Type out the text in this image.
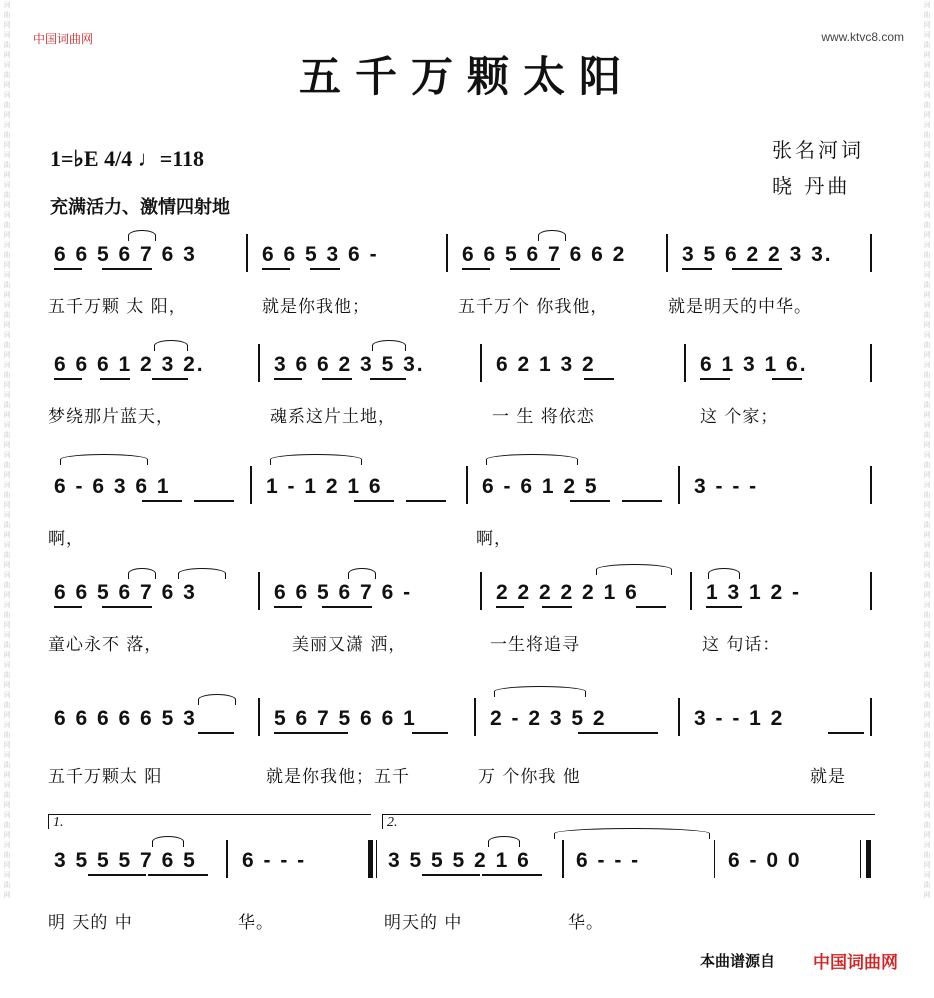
词曲网词曲网词曲网词曲网词曲网词曲网词曲网词曲网词曲网词曲网词曲网词曲网词曲网词曲网词曲网词曲网词曲网词曲网词曲网词曲网词曲网词曲网词曲网词曲网词曲网词曲网词曲网词曲网词曲网词曲网
词曲网词曲网词曲网词曲网词曲网词曲网词曲网词曲网词曲网词曲网词曲网词曲网词曲网词曲网词曲网词曲网词曲网词曲网词曲网词曲网词曲网词曲网词曲网词曲网词曲网词曲网词曲网词曲网词曲网词曲网
中国词曲网	www.ktvc8.com
五千万颗太阳
1=♭E 4/4 ♩=118
充满活力、激情四射地
张名河词
晓 丹曲
6 6 5 6 7 6 3	6 6 5 3 6 -	6 6 5 6 7 6 6 2	3 5 6 2 2 3 3.
五千万颗 太 阳，	就是你我他；	五千万个 你我他，	就是明天的中华。
6 6 6 1 2 3 2.	3 6 6 2 3 5 3.	6 2 1 3 2	6 1 3 1 6.
梦绕那片蓝天，	魂系这片土地，	一 生 将依恋	这 个家；
6 - 6 3 6 1	1 - 1 2 1 6	6 - 6 1 2 5	3 - - -
啊，	啊，
6 6 5 6 7 6 3	6 6 5 6 7 6 -	2 2 2 2 2 1 6	1 3 1 2 -
童心永不 落，	美丽又潇 洒，	一生将追寻	这 句话：
6 6 6 6 6 5 3	5 6 7 5 6 6 1	2 - 2 3 5 2	3 - - 1 2
五千万颗太 阳	就是你我他；五千	万 个你我 他	就是
1.	2.
3 5 5 5 7 6 5	6 - - -	3 5 5 5 2 1 6	6 - - -	6 - 0 0
明 天的 中	华。	明天的 中	华。
本曲谱源自 中国词曲网
